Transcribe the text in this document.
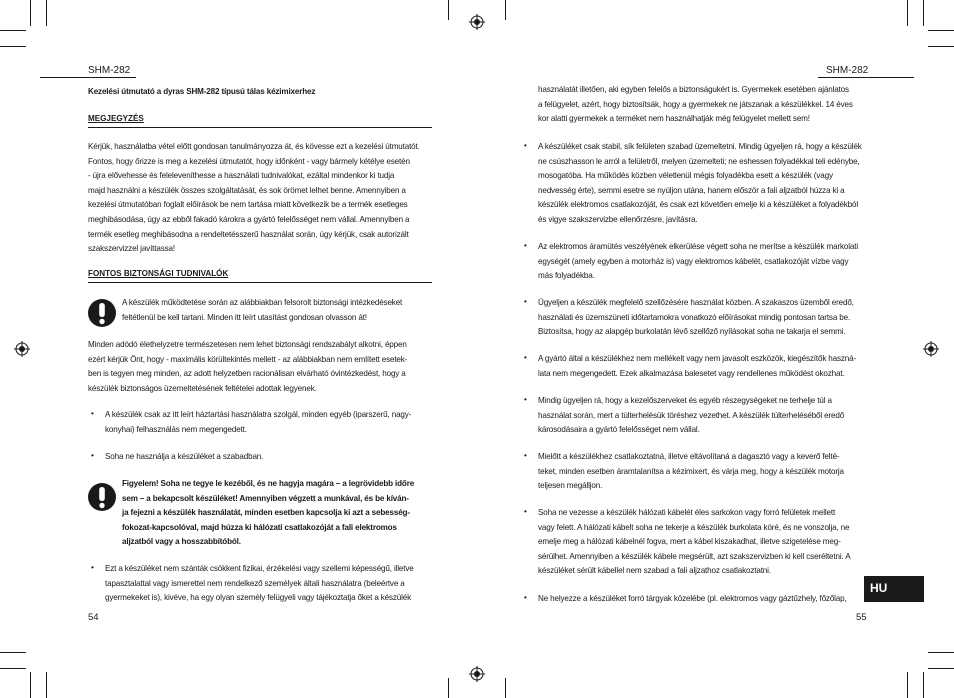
SHM-282
Kezelési útmutató a dyras SHM-282 típusú tálas kézimixerhez
MEGJEGYZÉS
Kérjük, használatba vétel előtt gondosan tanulmányozza át, és kövesse ezt a kezelési útmutatót.
Fontos, hogy őrizze is meg a kezelési útmutatót, hogy időnként - vagy bármely kétélye esetén
- újra elővehesse és feleleveníthesse a használati tudnivalókat, ezáltal mindenkor ki tudja
majd használni a készülék összes szolgáltatását, és sok örömet lelhet benne. Amennyiben a
kezelési útmutatóban foglalt előírások be nem tartása miatt következik be a termék esetleges
meghibásodása, úgy az ebből fakadó károkra a gyártó felelősséget nem vállal. Amennyiben a
termék esetleg meghibásodna a rendeltetésszerű használat során, úgy kérjük, csak autorizált
szakszervizzel javíttassa!
FONTOS BIZTONSÁGI TUDNIVALÓK
A készülék működtetése során az alábbiakban felsorolt biztonsági intézkedéseket
feltétlenül be kell tartani. Minden itt leírt utasítást gondosan olvasson át!
Minden adódó élethelyzetre természetesen nem lehet biztonsági rendszabályt alkotni, éppen
ezért kérjük Önt, hogy - maximális körültekintés mellett - az alábbiakban nem említett esetek-
ben is tegyen meg minden, az adott helyzetben racionálisan elvárható óvintézkedést, hogy a
készülék biztonságos üzemeltetésének feltételei adottak legyenek.
• A készülék csak az itt leírt háztartási használatra szolgál, minden egyéb (iparszerű, nagy-
konyhai) felhasználás nem megengedett.
• Soha ne használja a készüléket a szabadban.
Figyelem! Soha ne tegye le kezéből, és ne hagyja magára – a legrövidebb időre
sem – a bekapcsolt készüléket! Amennyiben végzett a munkával, és be kíván-
ja fejezni a készülék használatát, minden esetben kapcsolja ki azt a sebesség-
fokozat-kapcsolóval, majd húzza ki hálózati csatlakozóját a fali elektromos
aljzatból vagy a hosszabbítóból.
• Ezt a készüléket nem szánták csökkent fizikai, érzékelési vagy szellemi képességű, illetve
tapasztalattal vagy ismerettel nem rendelkező személyek általi használatra (beleértve a
gyermekeket is), kivéve, ha egy olyan személy felügyeli vagy tájékoztatja őket a készülék
54
SHM-282
használatát illetően, aki egyben felelős a biztonságukért is. Gyermekek esetében ajánlatos
a felügyelet, azért, hogy biztosítsák, hogy a gyermekek ne játszanak a készülékkel. 14 éves
kor alatti gyermekek a terméket nem használhatják még felügyelet mellett sem!
• A készüléket csak stabil, sík felületen szabad üzemeltetni. Mindig ügyeljen rá, hogy a készülék
ne csúszhasson le arról a felületről, melyen üzemelteti; ne eshessen folyadékkal teli edénybe,
mosogatóba. Ha működés közben véletlenül mégis folyadékba esett a készülék (vagy
nedvesség érte), semmi esetre se nyúljon utána, hanem először a fali aljzatból húzza ki a
készülék elektromos csatlakozóját, és csak ezt követően emelje ki a készüléket a folyadékból
és vigye szakszervizbe ellenőrzésre, javításra.
• Az elektromos áramütés veszélyének elkerülése végett soha ne merítse a készülék markolati
egységét (amely egyben a motorház is) vagy elektromos kábelét, csatlakozóját vízbe vagy
más folyadékba.
• Ügyeljen a készülék megfelelő szellőzésére használat közben. A szakaszos üzemből eredő,
használati és üzemszüneti időtartamokra vonatkozó előírásokat mindig pontosan tartsa be.
Biztosítsa, hogy az alapgép burkolatán lévő szellőző nyílásokat soha ne takarja el semmi.
• A gyártó által a készülékhez nem mellékelt vagy nem javasolt eszközök, kiegészítők haszná-
lata nem megengedett. Ezek alkalmazása balesetet vagy rendellenes működést okozhat.
• Mindig ügyeljen rá, hogy a kezelőszerveket és egyéb részegységeket ne terhelje túl a
használat során, mert a túlterhelésük töréshez vezethet. A készülék túlterheléséből eredő
károsodásaira a gyártó felelősséget nem vállal.
• Mielőtt a készülékhez csatlakoztatná, illetve eltávolítaná a dagasztó vagy a keverő felté-
teket, minden esetben áramtalanítsa a kézimixert, és várja meg, hogy a készülék motorja
teljesen megálljon.
• Soha ne vezesse a készülék hálózati kábelét éles sarkokon vagy forró felületek mellett
vagy felett. A hálózati kábelt soha ne tekerje a készülék burkolata köré, és ne vonszolja, ne
emelje meg a hálózati kábelnél fogva, mert a kábel kiszakadhat, illetve szigetelése meg-
sérülhet. Amennyiben a készülék kábele megsérült, azt szakszervizben ki kell cseréltetni. A
készüléket sérült kábellel nem szabad a fali aljzathoz csatlakoztatni.
• Ne helyezze a készüléket forró tárgyak közelébe (pl. elektromos vagy gáztűzhely, főzőlap,
HU
55
